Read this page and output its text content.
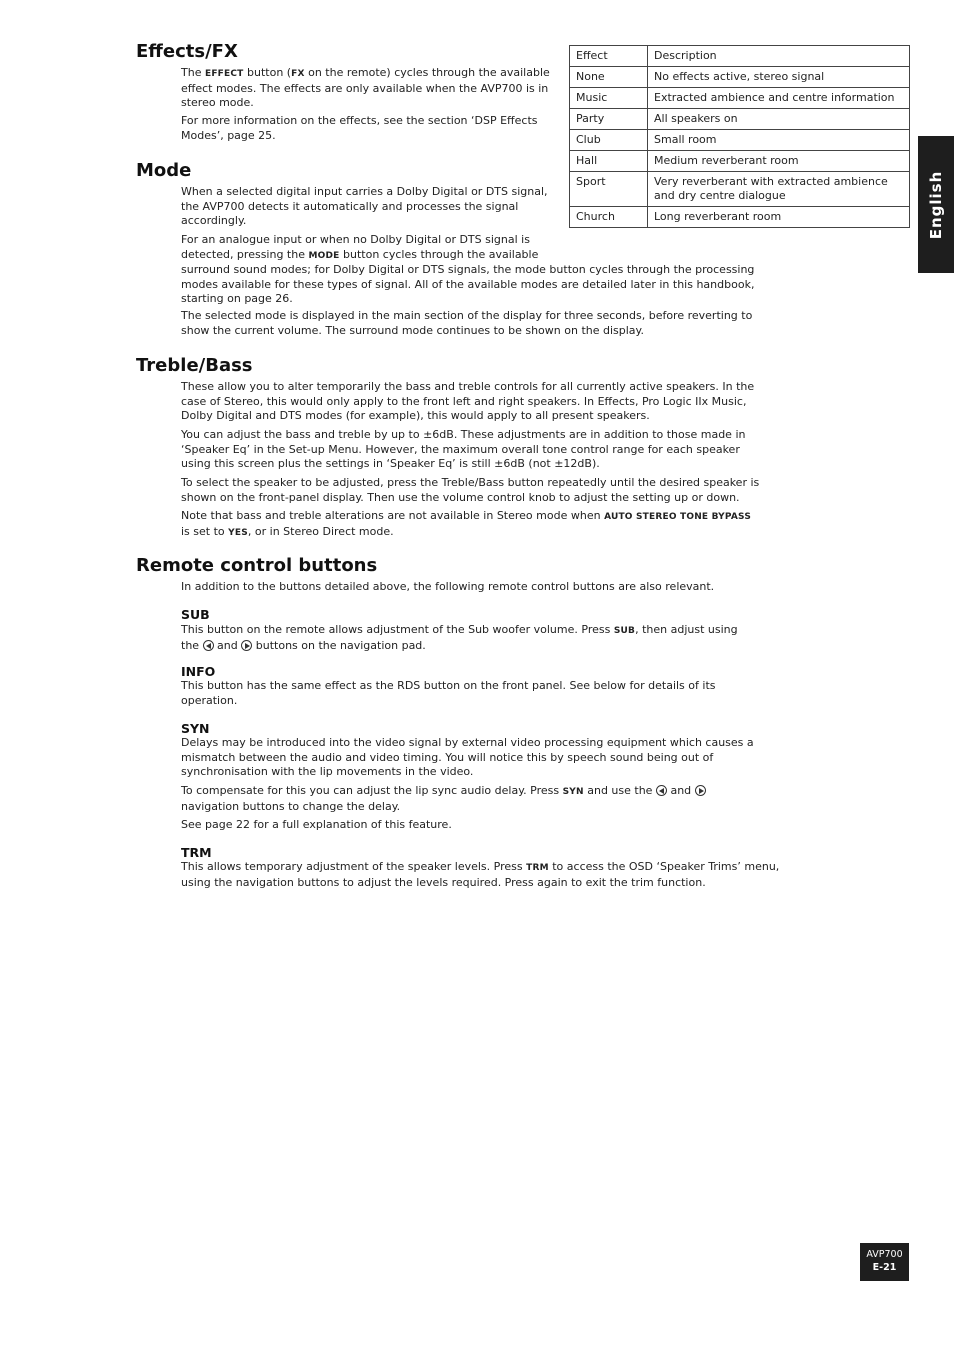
Effects/FX

The EFFECT button (FX on the remote) cycles through the available effect modes. The effects are only available when the AVP700 is in stereo mode.

For more information on the effects, see the section ‘DSP Effects Modes’, page 25.

Effect	Description
None	No effects active, stereo signal
Music	Extracted ambience and centre information
Party	All speakers on
Club	Small room
Hall	Medium reverberant room
Sport	Very reverberant with extracted ambience and dry centre dialogue
Church	Long reverberant room
Mode

When a selected digital input carries a Dolby Digital or DTS signal, the AVP700 detects it automatically and processes the signal accordingly.

For an analogue input or when no Dolby Digital or DTS signal is
detected, pressing the MODE button cycles through the available
surround sound modes; for Dolby Digital or DTS signals, the mode button cycles through the processing modes available for these types of signal. All of the available modes are detailed later in this handbook, starting on page 26.

The selected mode is displayed in the main section of the display for three seconds, before reverting to show the current volume. The surround mode continues to be shown on the display.

Treble/Bass

These allow you to alter temporarily the bass and treble controls for all currently active speakers. In the case of Stereo, this would only apply to the front left and right speakers. In Effects, Pro Logic IIx Music, Dolby Digital and DTS modes (for example), this would apply to all present speakers.

You can adjust the bass and treble by up to ±6dB. These adjustments are in addition to those made in ‘Speaker Eq’ in the Set-up Menu. However, the maximum overall tone control range for each speaker using this screen plus the settings in ‘Speaker Eq’ is still ±6dB (not ±12dB).

To select the speaker to be adjusted, press the Treble/Bass button repeatedly until the desired speaker is shown on the front-panel display. Then use the volume control knob to adjust the setting up or down.

Note that bass and treble alterations are not available in Stereo mode when AUTO STEREO TONE BYPASS
is set to YES, or in Stereo Direct mode.

Remote control buttons

In addition to the buttons detailed above, the following remote control buttons are also relevant.

SUB

This button on the remote allows adjustment of the Sub woofer volume. Press SUB, then adjust using
the  and  buttons on the navigation pad.

INFO

This button has the same effect as the RDS button on the front panel. See below for details of its operation.

SYN

Delays may be introduced into the video signal by external video processing equipment which causes a mismatch between the audio and video timing. You will notice this by speech sound being out of synchronisation with the lip movements in the video.

To compensate for this you can adjust the lip sync audio delay. Press SYN and use the  and
navigation buttons to change the delay.

See page 22 for a full explanation of this feature.

TRM

This allows temporary adjustment of the speaker levels. Press TRM to access the OSD ‘Speaker Trims’ menu, using the navigation buttons to adjust the levels required. Press again to exit the trim function.

English
AVP700
E-21
